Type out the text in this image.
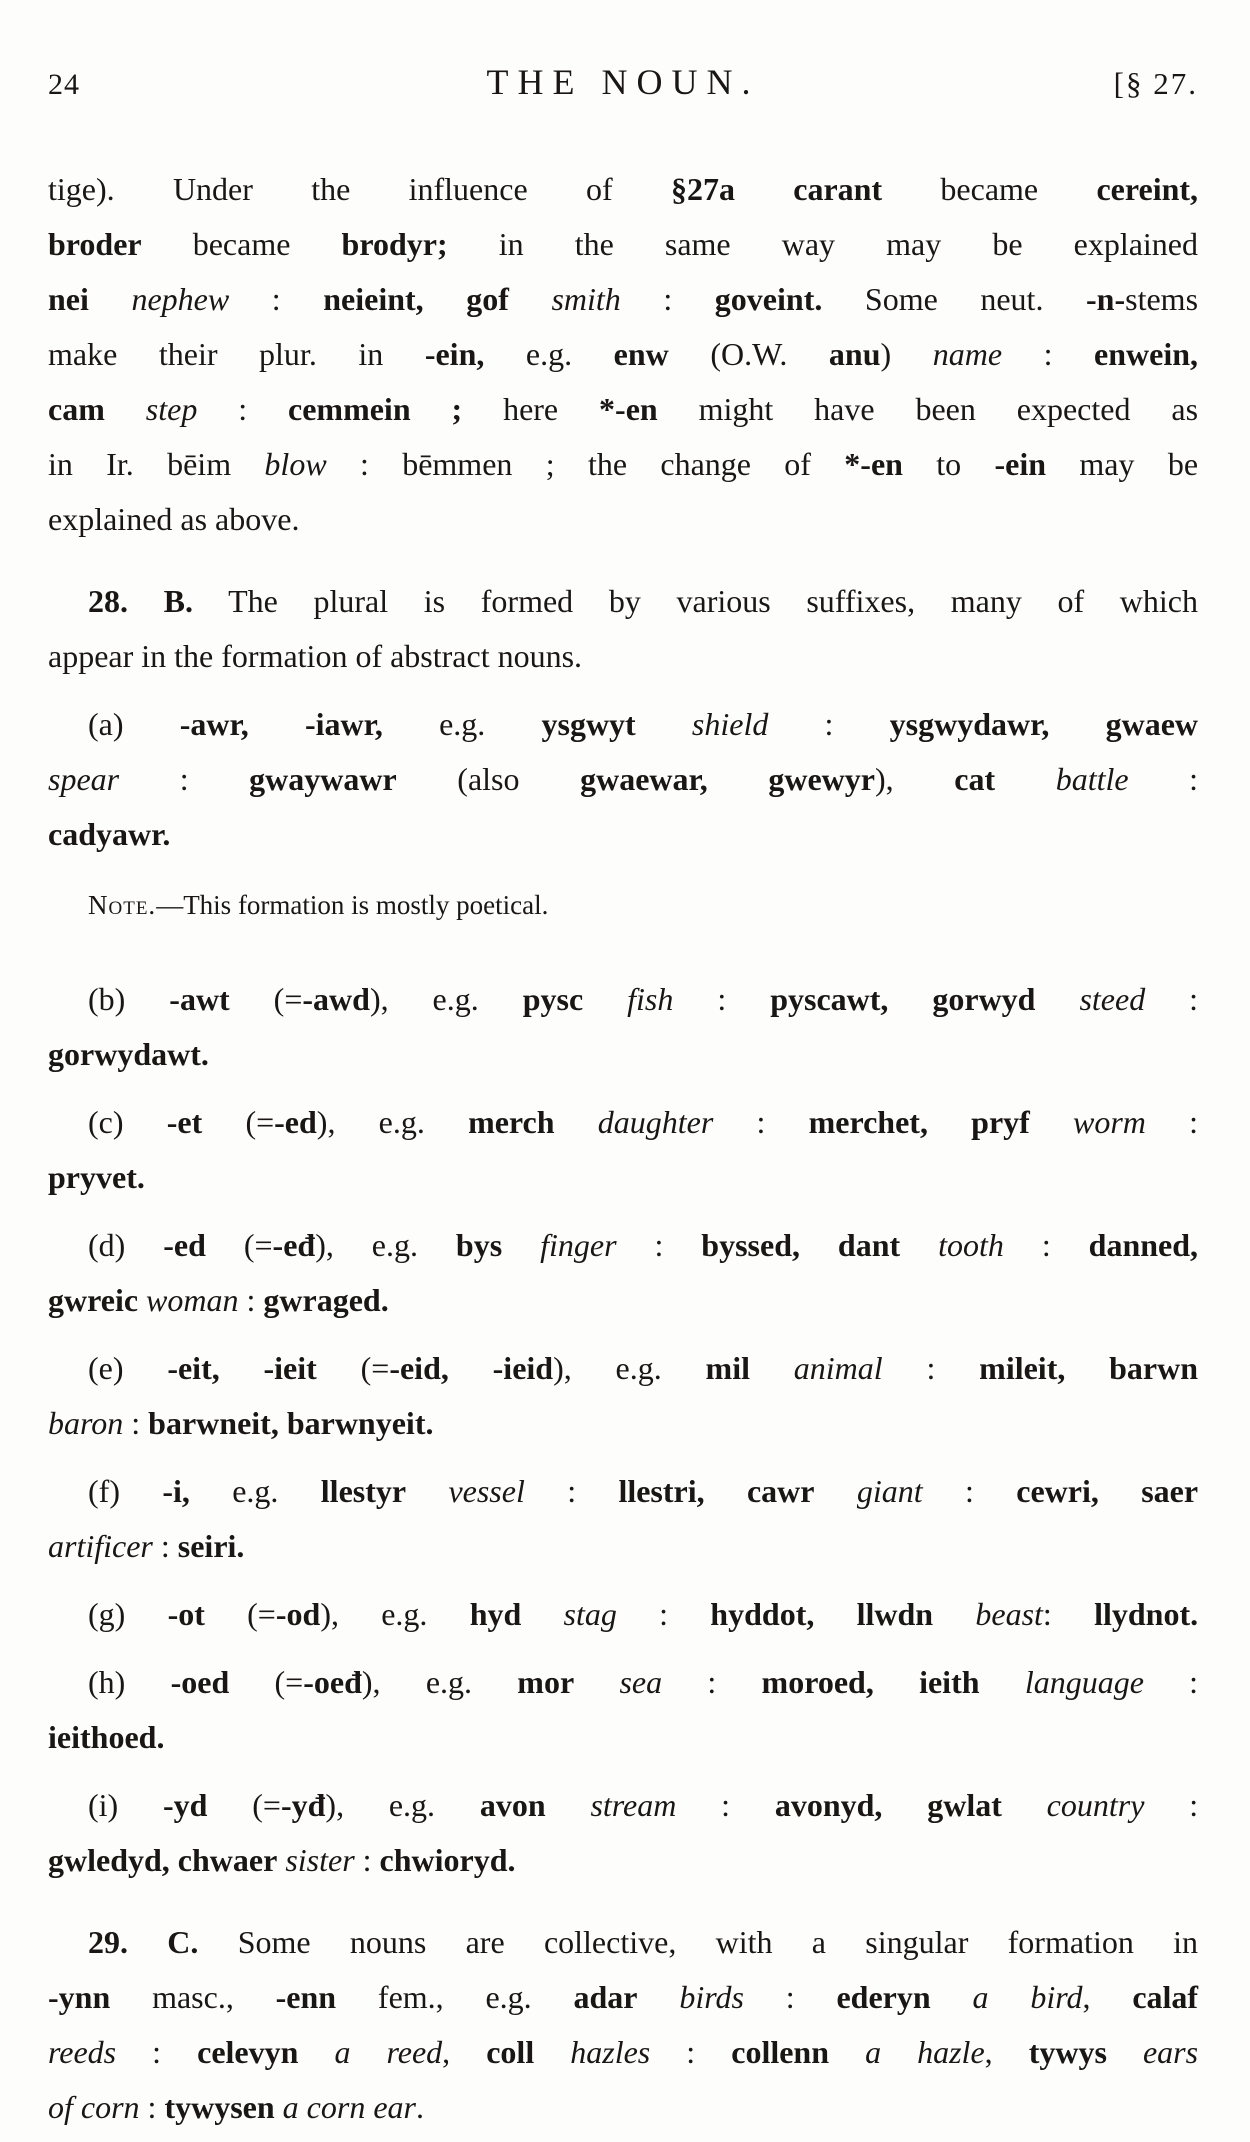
24	THE NOUN.	[§ 27.
tige). Under the influence of §27a carant became cereint,
broder became brodyr; in the same way may be explained
nei nephew : neieint, gof smith : goveint. Some neut. -n-stems
make their plur. in -ein, e.g. enw (O.W. anu) name : enwein,
cam step : cemmein ; here *-en might have been expected as
in Ir. bēim blow : bēmmen ; the change of *-en to -ein may be
explained as above.
28. B. The plural is formed by various suffixes, many of which
appear in the formation of abstract nouns.
(a) -awr, -iawr, e.g. ysgwyt shield : ysgwydawr, gwaew
spear : gwaywawr (also gwaewar, gwewyr), cat battle :
cadyawr.
Note.—This formation is mostly poetical.
(b) -awt (=-awd), e.g. pysc fish : pyscawt, gorwyd steed :
gorwydawt.
(c) -et (=-ed), e.g. merch daughter : merchet, pryf worm :
pryvet.
(d) -ed (=-eđ), e.g. bys finger : byssed, dant tooth : danned,
gwreic woman : gwraged.
(e) -eit, -ieit (=-eid, -ieid), e.g. mil animal : mileit, barwn
baron : barwneit, barwnyeit.
(f) -i, e.g. llestyr vessel : llestri, cawr giant : cewri, saer
artificer : seiri.
(g) -ot (=-od), e.g. hyd stag : hyddot, llwdn beast: llydnot.
(h) -oed (=-oeđ), e.g. mor sea : moroed, ieith language :
ieithoed.
(i) -yd (=-yđ), e.g. avon stream : avonyd, gwlat country :
gwledyd, chwaer sister : chwioryd.
29. C. Some nouns are collective, with a singular formation in
-ynn masc., -enn fem., e.g. adar birds : ederyn a bird, calaf
reeds : celevyn a reed, coll hazles : collenn a hazle, tywys ears
of corn : tywysen a corn ear.
